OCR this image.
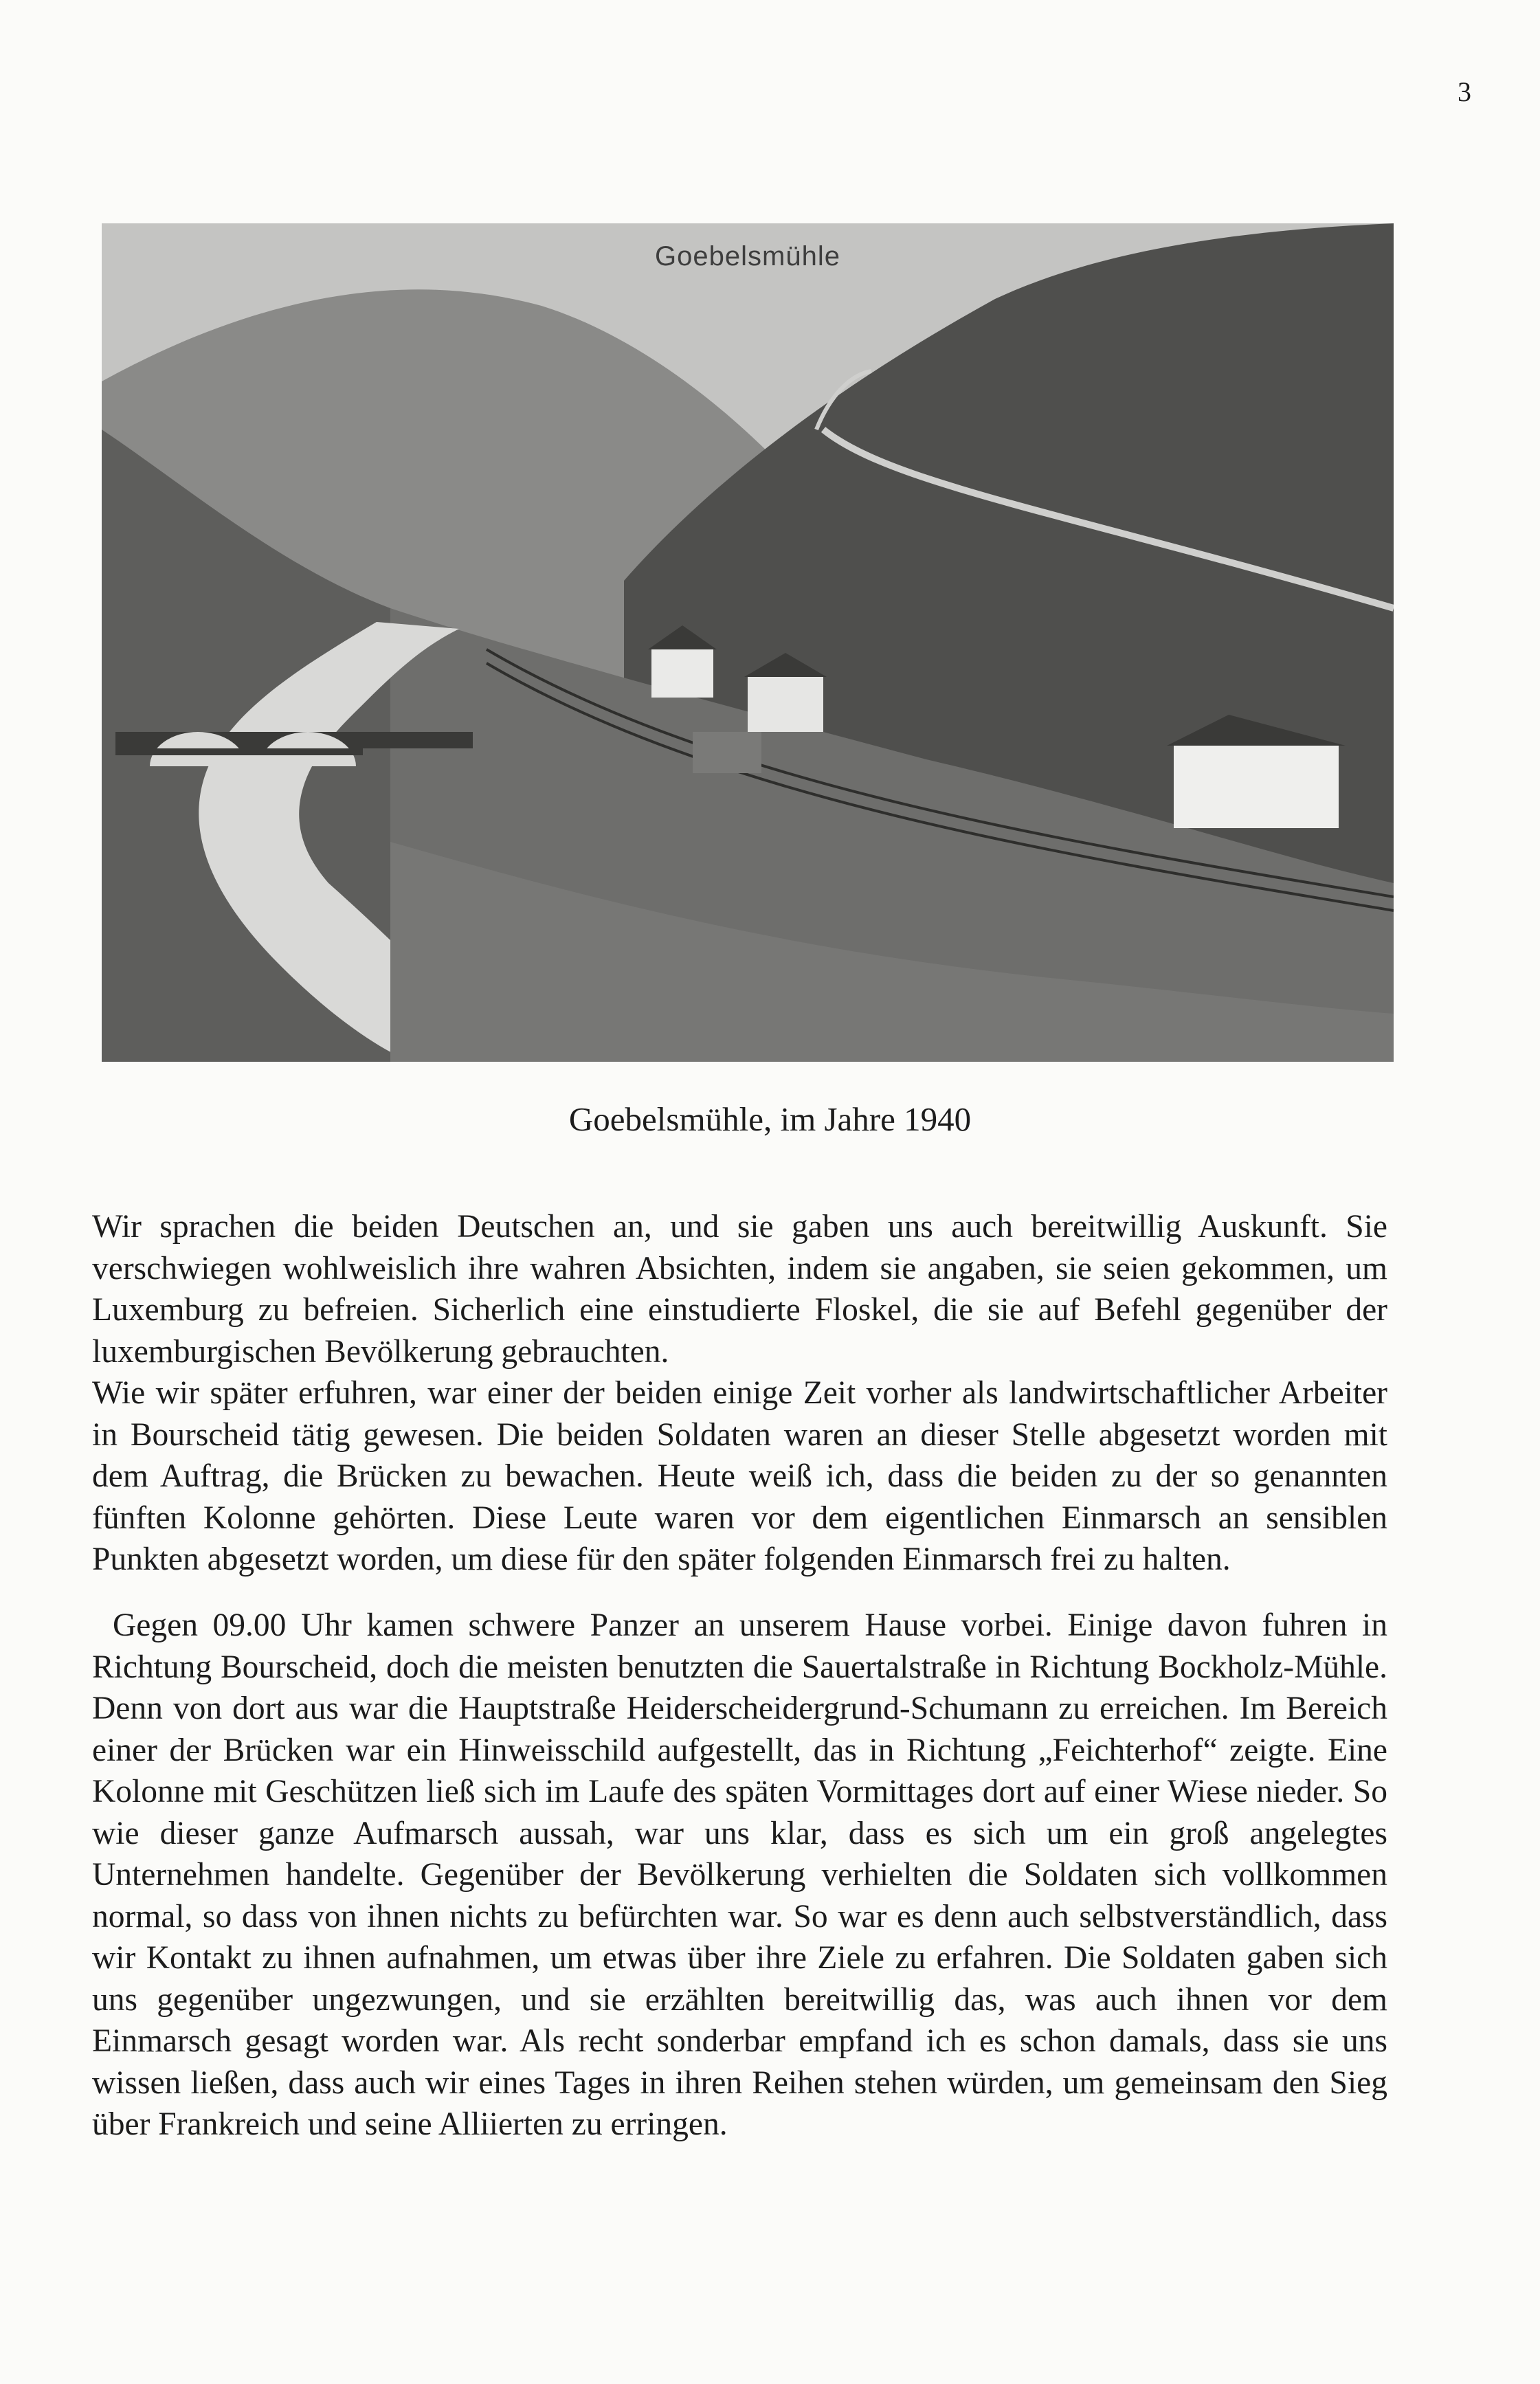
3
Goebelsmühle
Goebelsmühle, im Jahre 1940

Wir sprachen die beiden Deutschen an, und sie gaben uns auch bereitwillig Auskunft. Sie verschwiegen wohlweislich ihre wahren Absichten, indem sie angaben, sie seien gekommen, um Luxemburg zu befreien. Sicherlich eine einstudierte Floskel, die sie auf Befehl gegenüber der luxemburgischen Bevölkerung gebrauchten.

Wie wir später erfuhren, war einer der beiden einige Zeit vorher als landwirtschaftlicher Arbeiter in Bourscheid tätig gewesen. Die beiden Soldaten waren an dieser Stelle abgesetzt worden mit dem Auftrag, die Brücken zu bewachen. Heute weiß ich, dass die beiden zu der so genannten fünften Kolonne gehörten. Diese Leute waren vor dem eigentlichen Einmarsch an sensiblen Punkten abgesetzt worden, um diese für den später folgenden Einmarsch frei zu halten.

Gegen 09.00 Uhr kamen schwere Panzer an unserem Hause vorbei. Einige davon fuhren in Richtung Bourscheid, doch die meisten benutzten die Sauertalstraße in Richtung Bockholz-Mühle. Denn von dort aus war die Hauptstraße Heiderscheidergrund-Schumann zu erreichen. Im Bereich einer der Brücken war ein Hinweisschild aufgestellt, das in Richtung „Feichterhof“ zeigte. Eine Kolonne mit Geschützen ließ sich im Laufe des späten Vormittages dort auf einer Wiese nieder. So wie dieser ganze Aufmarsch aussah, war uns klar, dass es sich um ein groß angelegtes Unternehmen handelte. Gegenüber der Bevölkerung verhielten die Soldaten sich vollkommen normal, so dass von ihnen nichts zu befürchten war. So war es denn auch selbstverständlich, dass wir Kontakt zu ihnen aufnahmen, um etwas über ihre Ziele zu erfahren. Die Soldaten gaben sich uns gegenüber ungezwungen, und sie erzählten bereitwillig das, was auch ihnen vor dem Einmarsch gesagt worden war. Als recht sonderbar empfand ich es schon damals, dass sie uns wissen ließen, dass auch wir eines Tages in ihren Reihen stehen würden, um gemeinsam den Sieg über Frankreich und seine Alliierten zu erringen.
